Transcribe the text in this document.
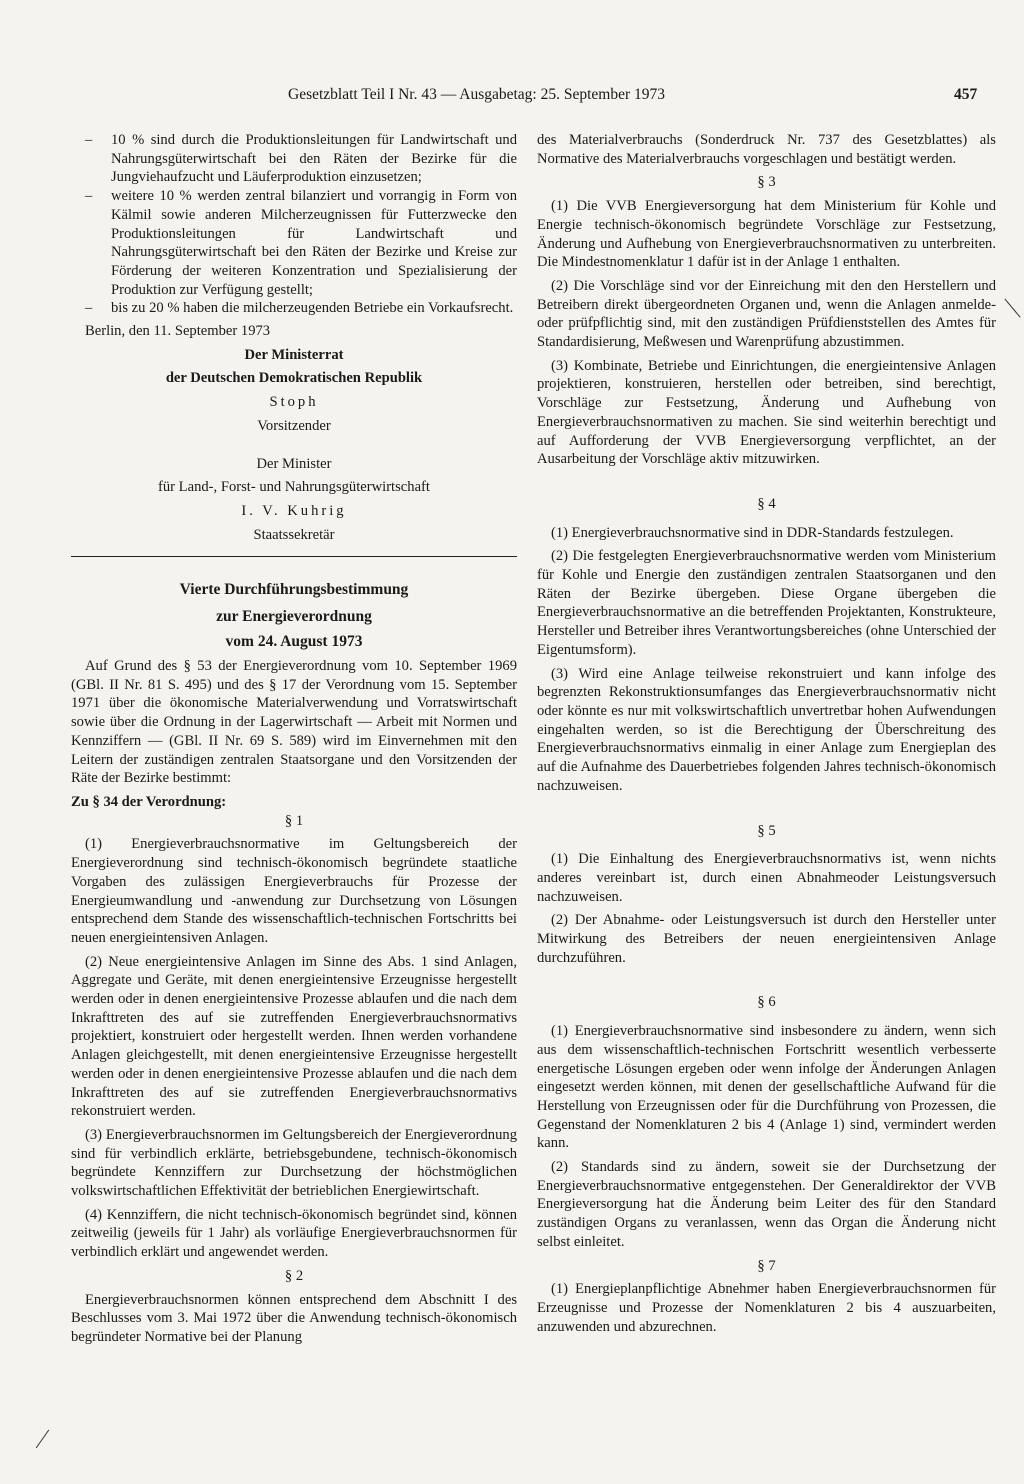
Gesetzblatt Teil I Nr. 43 — Ausgabetag: 25. September 1973	457
– 10 % sind durch die Produktionsleitungen für Landwirtschaft und Nahrungsgüterwirtschaft bei den Räten der Bezirke für die Jungviehaufzucht und Läuferproduktion einzusetzen;
– weitere 10 % werden zentral bilanziert und vorrangig in Form von Kälmil sowie anderen Milcherzeugnissen für Futterzwecke den Produktionsleitungen für Landwirtschaft und Nahrungsgüterwirtschaft bei den Räten der Bezirke und Kreise zur Förderung der weiteren Konzentration und Spezialisierung der Produktion zur Verfügung gestellt;
– bis zu 20 % haben die milcherzeugenden Betriebe ein Vorkaufsrecht.

Berlin, den 11. September 1973

Der Ministerrat

der Deutschen Demokratischen Republik

Stoph

Vorsitzender

Der Minister

für Land-, Forst- und Nahrungsgüterwirtschaft

I. V. Kuhrig

Staatssekretär

Vierte Durchführungsbestimmung

zur Energieverordnung

vom 24. August 1973

Auf Grund des § 53 der Energieverordnung vom 10. September 1969 (GBl. II Nr. 81 S. 495) und des § 17 der Verordnung vom 15. September 1971 über die ökonomische Materialverwendung und Vorratswirtschaft sowie über die Ordnung in der Lagerwirtschaft — Arbeit mit Normen und Kennziffern — (GBl. II Nr. 69 S. 589) wird im Einvernehmen mit den Leitern der zuständigen zentralen Staatsorgane und den Vorsitzenden der Räte der Bezirke bestimmt:

Zu § 34 der Verordnung:

§ 1

(1) Energieverbrauchsnormative im Geltungsbereich der Energieverordnung sind technisch-ökonomisch begründete staatliche Vorgaben des zulässigen Energieverbrauchs für Prozesse der Energieumwandlung und -anwendung zur Durchsetzung von Lösungen entsprechend dem Stande des wissenschaftlich-technischen Fortschritts bei neuen energieintensiven Anlagen.

(2) Neue energieintensive Anlagen im Sinne des Abs. 1 sind Anlagen, Aggregate und Geräte, mit denen energieintensive Erzeugnisse hergestellt werden oder in denen energieintensive Prozesse ablaufen und die nach dem Inkrafttreten des auf sie zutreffenden Energieverbrauchsnormativs projektiert, konstruiert oder hergestellt werden. Ihnen werden vorhandene Anlagen gleichgestellt, mit denen energieintensive Erzeugnisse hergestellt werden oder in denen energieintensive Prozesse ablaufen und die nach dem Inkrafttreten des auf sie zutreffenden Energieverbrauchsnormativs rekonstruiert werden.

(3) Energieverbrauchsnormen im Geltungsbereich der Energieverordnung sind für verbindlich erklärte, betriebsgebundene, technisch-ökonomisch begründete Kennziffern zur Durchsetzung der höchstmöglichen volkswirtschaftlichen Effektivität der betrieblichen Energiewirtschaft.

(4) Kennziffern, die nicht technisch-ökonomisch begründet sind, können zeitweilig (jeweils für 1 Jahr) als vorläufige Energieverbrauchsnormen für verbindlich erklärt und angewendet werden.

§ 2

Energieverbrauchsnormen können entsprechend dem Abschnitt I des Beschlusses vom 3. Mai 1972 über die Anwendung technisch-ökonomisch begründeter Normative bei der Planung

des Materialverbrauchs (Sonderdruck Nr. 737 des Gesetzblattes) als Normative des Materialverbrauchs vorgeschlagen und bestätigt werden.

§ 3

(1) Die VVB Energieversorgung hat dem Ministerium für Kohle und Energie technisch-ökonomisch begründete Vorschläge zur Festsetzung, Änderung und Aufhebung von Energieverbrauchsnormativen zu unterbreiten. Die Mindestnomenklatur 1 dafür ist in der Anlage 1 enthalten.

(2) Die Vorschläge sind vor der Einreichung mit den den Herstellern und Betreibern direkt übergeordneten Organen und, wenn die Anlagen anmelde- oder prüfpflichtig sind, mit den zuständigen Prüfdienststellen des Amtes für Standardisierung, Meßwesen und Warenprüfung abzustimmen.

(3) Kombinate, Betriebe und Einrichtungen, die energieintensive Anlagen projektieren, konstruieren, herstellen oder betreiben, sind berechtigt, Vorschläge zur Festsetzung, Änderung und Aufhebung von Energieverbrauchsnormativen zu machen. Sie sind weiterhin berechtigt und auf Aufforderung der VVB Energieversorgung verpflichtet, an der Ausarbeitung der Vorschläge aktiv mitzuwirken.

§ 4

(1) Energieverbrauchsnormative sind in DDR-Standards festzulegen.

(2) Die festgelegten Energieverbrauchsnormative werden vom Ministerium für Kohle und Energie den zuständigen zentralen Staatsorganen und den Räten der Bezirke übergeben. Diese Organe übergeben die Energieverbrauchsnormative an die betreffenden Projektanten, Konstrukteure, Hersteller und Betreiber ihres Verantwortungsbereiches (ohne Unterschied der Eigentumsform).

(3) Wird eine Anlage teilweise rekonstruiert und kann infolge des begrenzten Rekonstruktionsumfanges das Energieverbrauchsnormativ nicht oder könnte es nur mit volkswirtschaftlich unvertretbar hohen Aufwendungen eingehalten werden, so ist die Berechtigung der Überschreitung des Energieverbrauchsnormativs einmalig in einer Anlage zum Energieplan des auf die Aufnahme des Dauerbetriebes folgenden Jahres technisch-ökonomisch nachzuweisen.

§ 5

(1) Die Einhaltung des Energieverbrauchsnormativs ist, wenn nichts anderes vereinbart ist, durch einen Abnahmeoder Leistungsversuch nachzuweisen.

(2) Der Abnahme- oder Leistungsversuch ist durch den Hersteller unter Mitwirkung des Betreibers der neuen energieintensiven Anlage durchzuführen.

§ 6

(1) Energieverbrauchsnormative sind insbesondere zu ändern, wenn sich aus dem wissenschaftlich-technischen Fortschritt wesentlich verbesserte energetische Lösungen ergeben oder wenn infolge der Änderungen Anlagen eingesetzt werden können, mit denen der gesellschaftliche Aufwand für die Herstellung von Erzeugnissen oder für die Durchführung von Prozessen, die Gegenstand der Nomenklaturen 2 bis 4 (Anlage 1) sind, vermindert werden kann.

(2) Standards sind zu ändern, soweit sie der Durchsetzung der Energieverbrauchsnormative entgegenstehen. Der Generaldirektor der VVB Energieversorgung hat die Änderung beim Leiter des für den Standard zuständigen Organs zu veranlassen, wenn das Organ die Änderung nicht selbst einleitet.

§ 7

(1) Energieplanpflichtige Abnehmer haben Energieverbrauchsnormen für Erzeugnisse und Prozesse der Nomenklaturen 2 bis 4 auszuarbeiten, anzuwenden und abzurechnen.
